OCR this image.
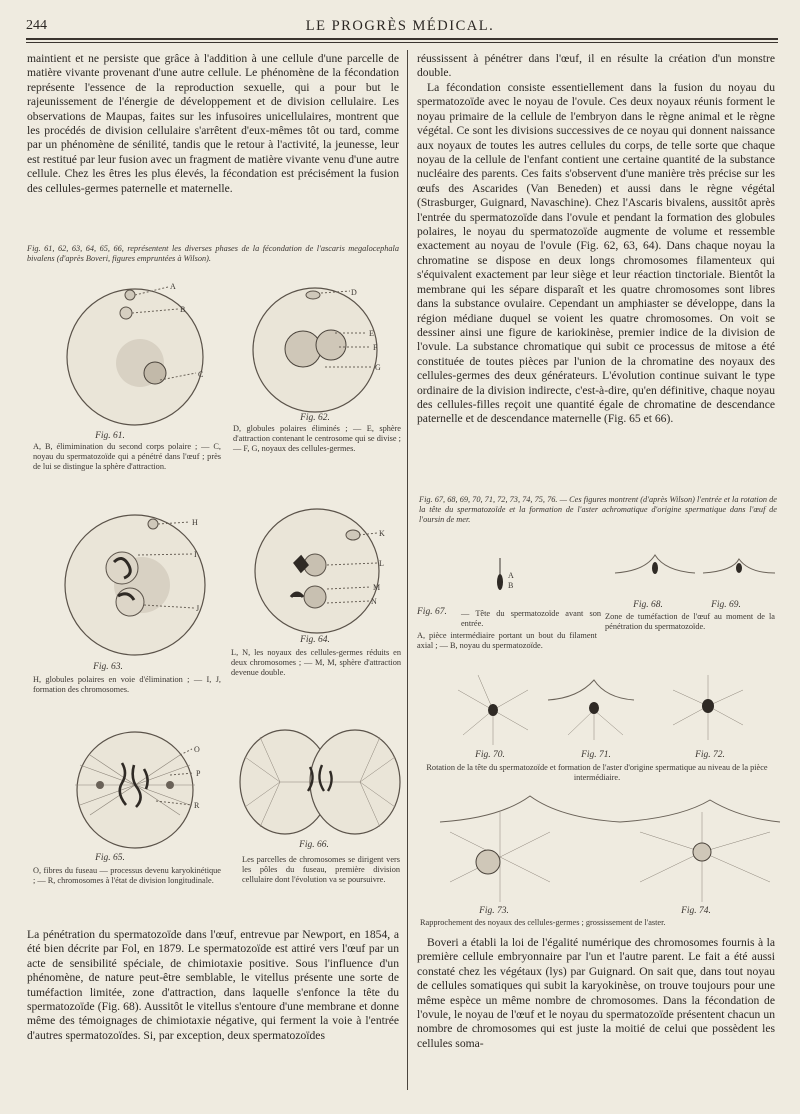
244	LE PROGRÈS MÉDICAL.

maintient et ne persiste que grâce à l'addition à une cellule d'une parcelle de matière vivante provenant d'une autre cellule. Le phénomène de la fécondation représente l'essence de la reproduction sexuelle, qui a pour but le rajeunissement de l'énergie de développement et de division cellulaire. Les observations de Maupas, faites sur les infusoires unicellulaires, montrent que les procédés de division cellulaire s'arrêtent d'eux-mêmes tôt ou tard, comme par un phénomène de sénilité, tandis que le retour à l'activité, la jeunesse, leur est restitué par leur fusion avec un fragment de matière vivante venu d'une autre cellule. Chez les êtres les plus élevés, la fécondation est précisément la fusion des cellules-germes paternelle et maternelle.

Fig. 61, 62, 63, 64, 65, 66, représentent les diverses phases de la fécondation de l'ascaris megalocephala bivalens (d'après Boveri, figures empruntées à Wilson).

A
B
C
Fig. 61.

A, B, élimimination du second corps polaire ; — C, noyau du spermatozoïde qui a pénétré dans l'œuf ; près de lui se distingue la sphère d'attraction.

D
E
F
G
Fig. 62.

D, globules polaires éliminés ; — E, sphère d'attraction contenant le centrosome qui se divise ; — F, G, noyaux des cellules-germes.

H
I
J
Fig. 63.

H, globules polaires en voie d'élimination ; — I, J, formation des chromosomes.

K
L
M
N
Fig. 64.

L, N, les noyaux des cellules-germes réduits en deux chromosomes ; — M, M, sphère d'attraction devenue double.

O
P
R
Fig. 65.

O, fibres du fuseau — processus devenu karyokinétique ; — R, chromosomes à l'état de division longitudinale.

Fig. 66.

Les parcelles de chromosomes se dirigent vers les pôles du fuseau, première division cellulaire dont l'évolution va se poursuivre.

La pénétration du spermatozoïde dans l'œuf, entrevue par Newport, en 1854, a été bien décrite par Fol, en 1879. Le spermatozoïde est attiré vers l'œuf par un acte de sensibilité spéciale, de chimiotaxie positive. Sous l'influence d'un phénomène, de nature peut-être semblable, le vitellus présente une sorte de tuméfaction limitée, zone d'attraction, dans laquelle s'enfonce la tête du spermatozoïde (Fig. 68). Aussitôt le vitellus s'entoure d'une membrane et donne même des témoignages de chimiotaxie négative, qui ferment la voie à l'entrée d'autres spermatozoïdes. Si, par exception, deux spermatozoïdes

réussissent à pénétrer dans l'œuf, il en résulte la création d'un monstre double.

La fécondation consiste essentiellement dans la fusion du noyau du spermatozoïde avec le noyau de l'ovule. Ces deux noyaux réunis forment le noyau primaire de la cellule de l'embryon dans le règne animal et le règne végétal. Ce sont les divisions successives de ce noyau qui donnent naissance aux noyaux de toutes les autres cellules du corps, de telle sorte que chaque noyau de la cellule de l'enfant contient une certaine quantité de la substance nucléaire des parents. Ces faits s'observent d'une manière très précise sur les œufs des Ascarides (Van Beneden) et aussi dans le règne végétal (Strasburger, Guignard, Navaschine). Chez l'Ascaris bivalens, aussitôt après l'entrée du spermatozoïde dans l'ovule et pendant la formation des globules polaires, le noyau du spermatozoïde augmente de volume et ressemble exactement au noyau de l'ovule (Fig. 62, 63, 64). Dans chaque noyau la chromatine se dispose en deux longs chromosomes filamenteux qui s'équivalent exactement par leur siège et leur réaction tinctoriale. Bientôt la membrane qui les sépare disparaît et les quatre chromosomes sont libres dans la substance ovulaire. Cependant un amphiaster se développe, dans la région médiane duquel se voient les quatre chromosomes. On voit se dessiner ainsi une figure de kariokinèse, premier indice de la division de l'ovule. La substance chromatique qui subit ce processus de mitose a été constituée de toutes pièces par l'union de la chromatine des noyaux des cellules-germes des deux générateurs. L'évolution continue suivant le type ordinaire de la division indirecte, c'est-à-dire, qu'en définitive, chaque noyau des cellules-filles reçoit une quantité égale de chromatine de descendance paternelle et de descendance maternelle (Fig. 65 et 66).

Fig. 67, 68, 69, 70, 71, 72, 73, 74, 75, 76. — Ces figures montrent (d'après Wilson) l'entrée et la rotation de la tête du spermatozoïde et la formation de l'aster achromatique d'origine spermatique dans l'œuf de l'oursin de mer.

A
B
Fig. 67.	— Tête du spermatozoïde avant son entrée.

A, pièce intermédiaire portant un bout du filament axial ; — B, noyau du spermatozoïde.

Fig. 68.	Fig. 69.

Zone de tuméfaction de l'œuf au moment de la pénétration du spermatozoïde.

Fig. 70.	Fig. 71.	Fig. 72.

Rotation de la tête du spermatozoïde et formation de l'aster d'origine spermatique au niveau de la pièce intermédiaire.

Fig. 73.	Fig. 74.

Rapprochement des noyaux des cellules-germes ; grossissement de l'aster.

Boveri a établi la loi de l'égalité numérique des chromosomes fournis à la première cellule embryonnaire par l'un et l'autre parent. Le fait a été aussi constaté chez les végétaux (lys) par Guignard. On sait que, dans tout noyau de cellules somatiques qui subit la karyokinèse, on trouve toujours pour une même espèce un même nombre de chromosomes. Dans la fécondation de l'ovule, le noyau de l'œuf et le noyau du spermatozoïde présentent chacun un nombre de chromosomes qui est juste la moitié de celui que possèdent les cellules soma-
